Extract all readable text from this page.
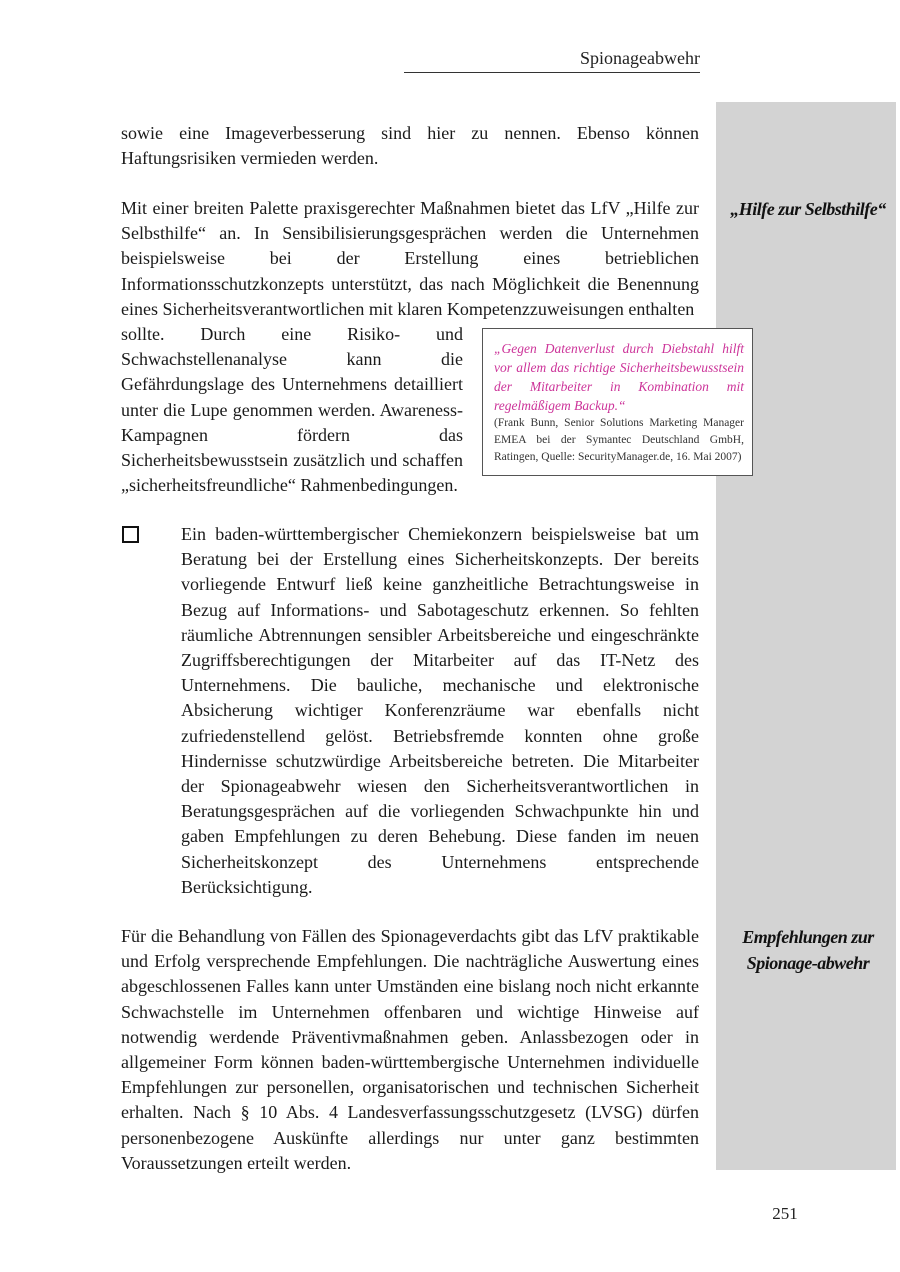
Spionageabwehr
„Hilfe zur Selbsthilfe“
Empfehlungen zur Spionage-abwehr

sowie eine Imageverbesserung sind hier zu nennen. Ebenso können Haftungsrisiken vermieden werden.

Mit einer breiten Palette praxisgerechter Maßnahmen bietet das LfV „Hilfe zur Selbsthilfe“ an. In Sensibilisierungsgesprächen werden die Unternehmen beispielsweise bei der Erstellung eines betrieblichen Informationsschutzkonzepts unterstützt, das nach Möglichkeit die Benennung eines Sicherheitsverantwortlichen mit klaren Kompetenzzuweisungen enthalten

sollte. Durch eine Risiko- und Schwachstellenanalyse kann die Gefährdungslage des Unternehmens detailliert unter die Lupe genommen werden. Awareness-Kampagnen fördern das Sicherheitsbewusstsein zusätzlich und schaffen „sicherheitsfreundliche“ Rahmenbedingungen.

„Gegen Datenverlust durch Diebstahl hilft vor allem das richtige Sicherheitsbewusstsein der Mitarbeiter in Kombination mit regelmäßigem Backup.“

(Frank Bunn, Senior Solutions Marketing Manager EMEA bei der Symantec Deutschland GmbH, Ratingen, Quelle: SecurityManager.de, 16. Mai 2007)

Ein baden-württembergischer Chemiekonzern beispielsweise bat um Beratung bei der Erstellung eines Sicherheitskonzepts. Der bereits vorliegende Entwurf ließ keine ganzheitliche Betrachtungsweise in Bezug auf Informations- und Sabotageschutz erkennen. So fehlten räumliche Abtrennungen sensibler Arbeitsbereiche und eingeschränkte Zugriffsberechtigungen der Mitarbeiter auf das IT-Netz des Unternehmens. Die bauliche, mechanische und elektronische Absicherung wichtiger Konferenzräume war ebenfalls nicht zufriedenstellend gelöst. Betriebsfremde konnten ohne große Hindernisse schutzwürdige Arbeitsbereiche betreten. Die Mitarbeiter der Spionageabwehr wiesen den Sicherheitsverantwortlichen in Beratungsgesprächen auf die vorliegenden Schwachpunkte hin und gaben Empfehlungen zu deren Behebung. Diese fanden im neuen Sicherheitskonzept des Unternehmens entsprechende Berücksichtigung.

Für die Behandlung von Fällen des Spionageverdachts gibt das LfV praktikable und Erfolg versprechende Empfehlungen. Die nachträgliche Auswertung eines abgeschlossenen Falles kann unter Umständen eine bislang noch nicht erkannte Schwachstelle im Unternehmen offenbaren und wichtige Hinweise auf notwendig werdende Präventivmaßnahmen geben. Anlassbezogen oder in allgemeiner Form können baden-württembergische Unternehmen individuelle Empfehlungen zur personellen, organisatorischen und technischen Sicherheit erhalten. Nach § 10 Abs. 4 Landesverfassungsschutzgesetz (LVSG) dürfen personenbezogene Auskünfte allerdings nur unter ganz bestimmten Voraussetzungen erteilt werden.

251
